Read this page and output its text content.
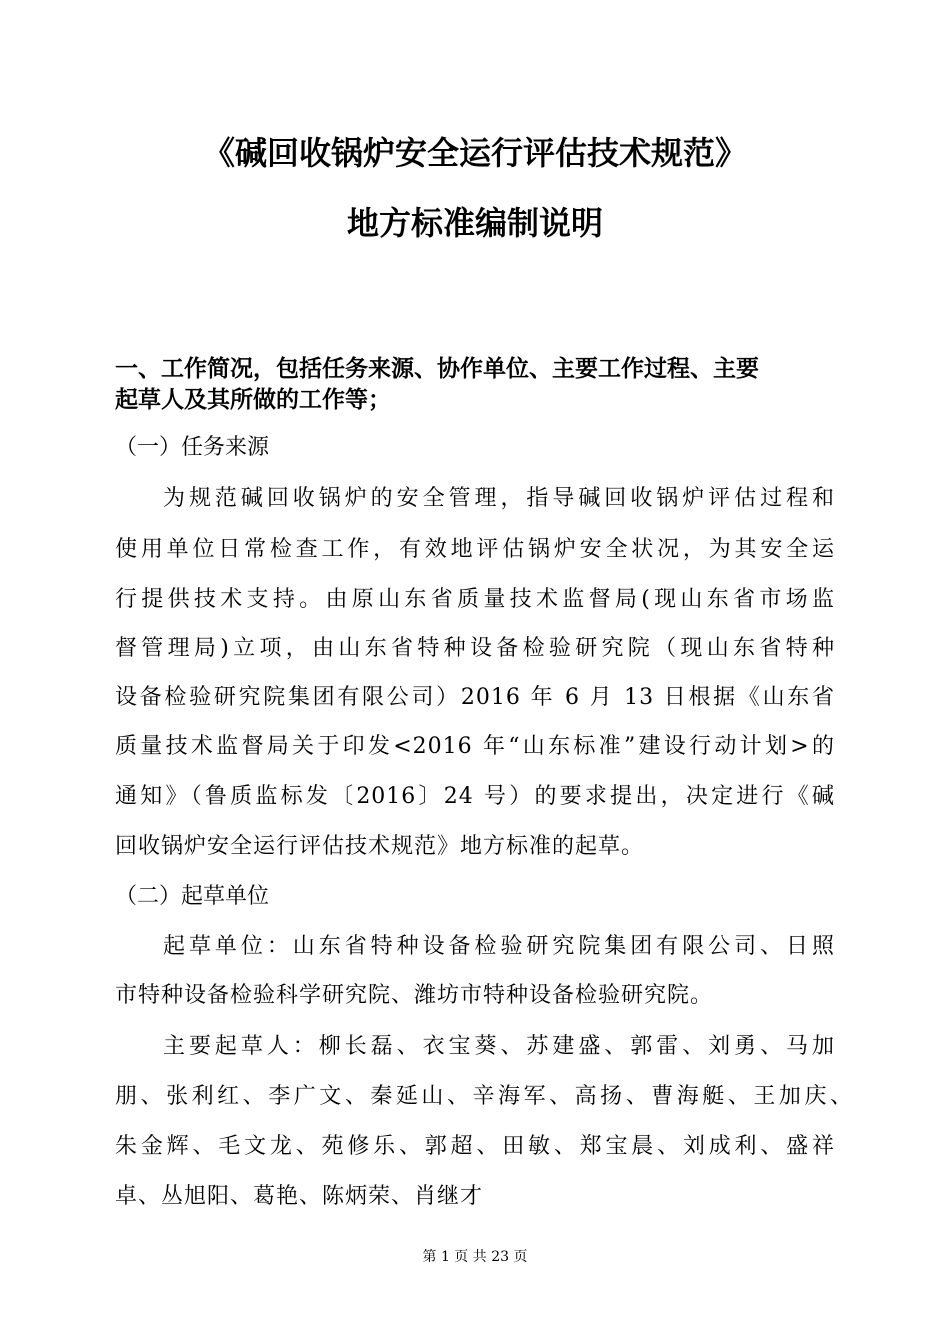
《碱回收锅炉安全运行评估技术规范》
地方标准编制说明
一、工作简况，包括任务来源、协作单位、主要工作过程、主要
起草人及其所做的工作等；
（一）任务来源
为规范碱回收锅炉的安全管理，指导碱回收锅炉评估过程和
使用单位日常检查工作，有效地评估锅炉安全状况，为其安全运
行提供技术支持。由原山东省质量技术监督局(现山东省市场监
督管理局)立项，由山东省特种设备检验研究院（现山东省特种
设备检验研究院集团有限公司）2016 年 6 月 13 日根据《山东省
质量技术监督局关于印发<2016 年“山东标准”建设行动计划>的
通知》（鲁质监标发〔2016〕24 号）的要求提出，决定进行《碱
回收锅炉安全运行评估技术规范》地方标准的起草。
（二）起草单位
起草单位：山东省特种设备检验研究院集团有限公司、日照
市特种设备检验科学研究院、潍坊市特种设备检验研究院。
主要起草人：柳长磊、衣宝葵、苏建盛、郭雷、刘勇、马加
朋、张利红、李广文、秦延山、辛海军、高扬、曹海艇、王加庆、
朱金辉、毛文龙、苑修乐、郭超、田敏、郑宝晨、刘成利、盛祥
卓、丛旭阳、葛艳、陈炳荣、肖继才
第 1 页 共 23 页
